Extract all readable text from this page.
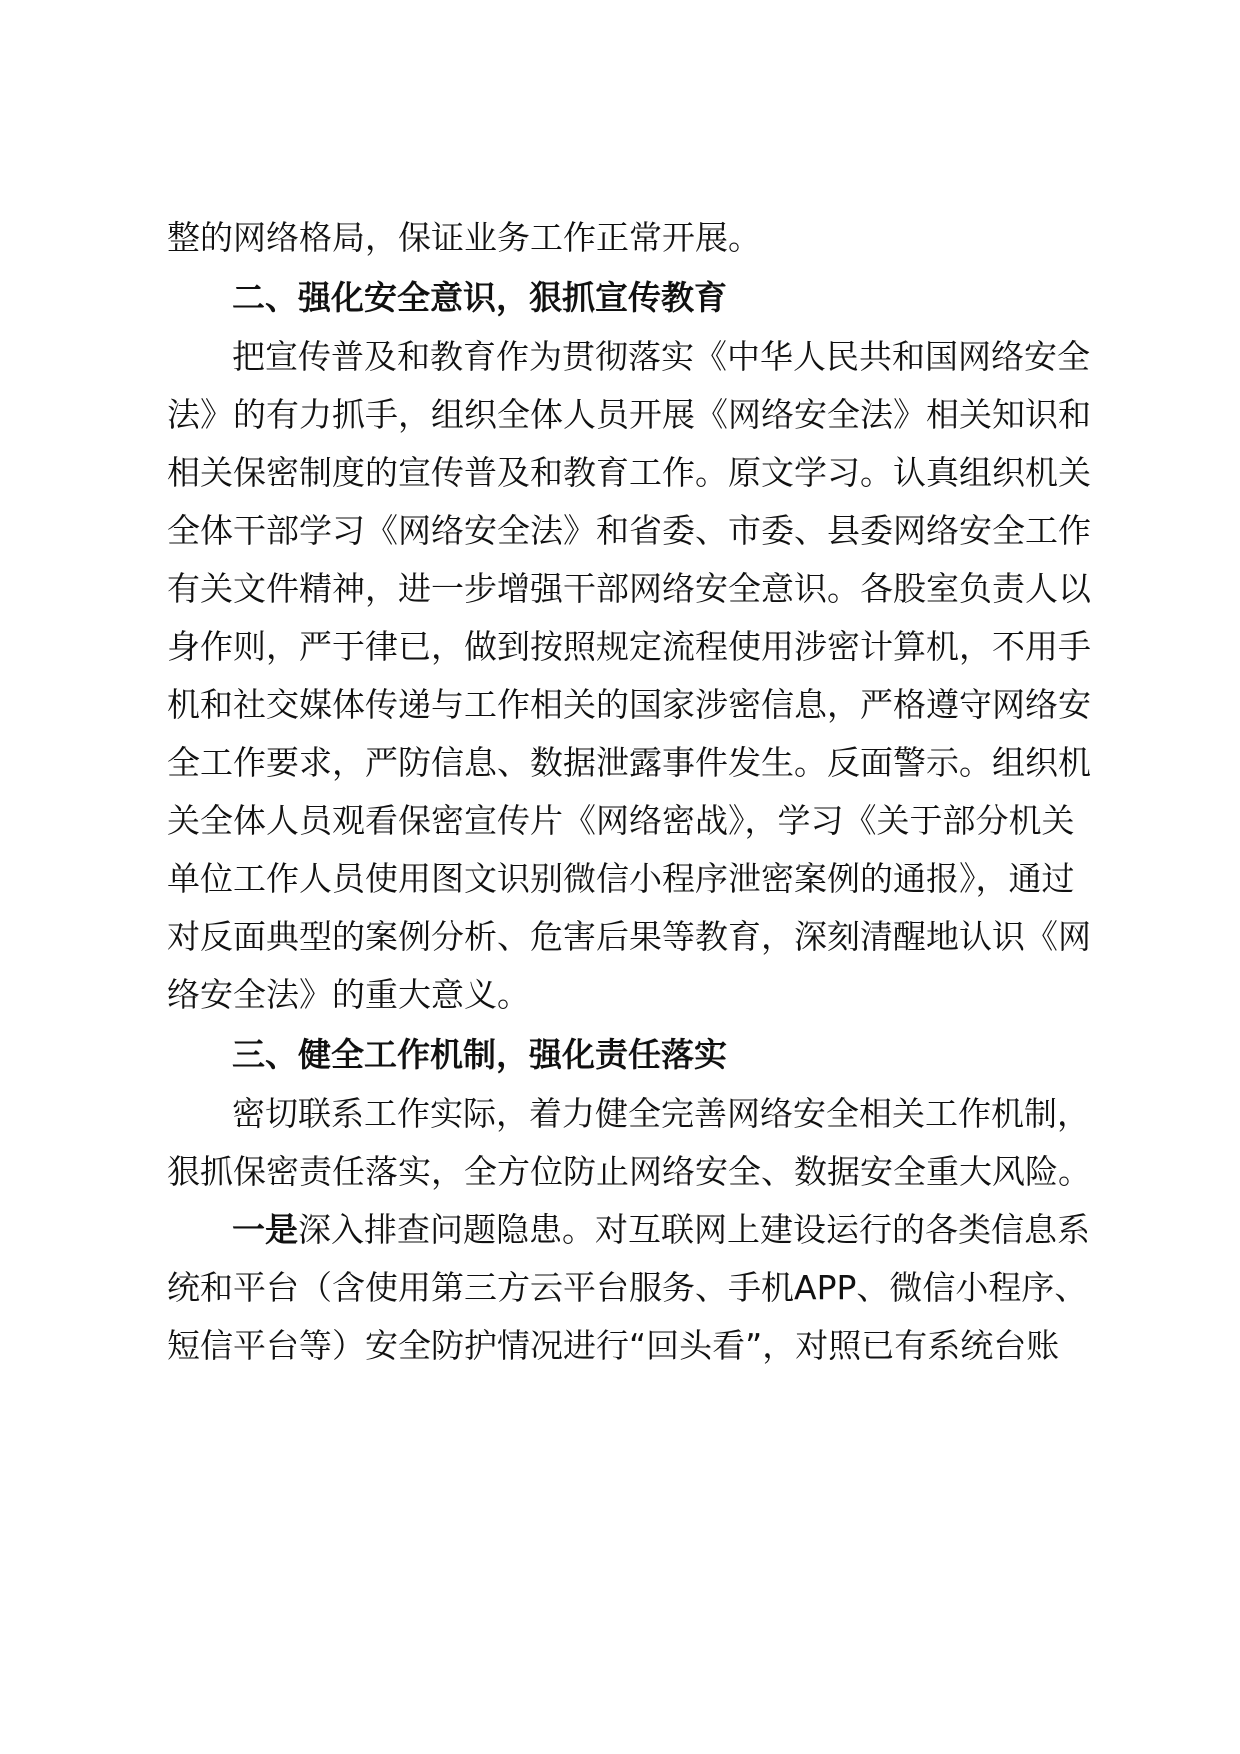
整的网络格局，保证业务工作正常开展。
二、强化安全意识，狠抓宣传教育
把宣传普及和教育作为贯彻落实《中华人民共和国网络安全
法》的有力抓手，组织全体人员开展《网络安全法》相关知识和
相关保密制度的宣传普及和教育工作。原文学习。认真组织机关
全体干部学习《网络安全法》和省委、市委、县委网络安全工作
有关文件精神，进一步增强干部网络安全意识。各股室负责人以
身作则，严于律已，做到按照规定流程使用涉密计算机，不用手
机和社交媒体传递与工作相关的国家涉密信息，严格遵守网络安
全工作要求，严防信息、数据泄露事件发生。反面警示。组织机
关全体人员观看保密宣传片《网络密战》，学习《关于部分机关
单位工作人员使用图文识别微信小程序泄密案例的通报》，通过
对反面典型的案例分析、危害后果等教育，深刻清醒地认识《网
络安全法》的重大意义。
三、健全工作机制，强化责任落实
密切联系工作实际，着力健全完善网络安全相关工作机制，
狠抓保密责任落实，全方位防止网络安全、数据安全重大风险。
一是深入排查问题隐患。对互联网上建设运行的各类信息系
统和平台（含使用第三方云平台服务、手机APP、微信小程序、
短信平台等）安全防护情况进行“回头看”，对照已有系统台账
